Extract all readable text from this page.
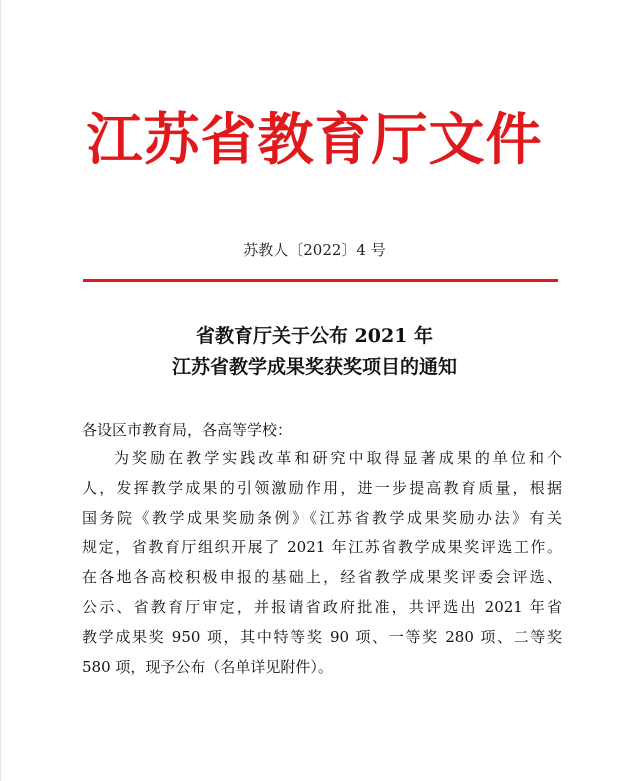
江苏省教育厅文件
苏教人〔2022〕4 号
省教育厅关于公布 2021 年
江苏省教学成果奖获奖项目的通知
各设区市教育局，各高等学校：
为奖励在教学实践改革和研究中取得显著成果的单位和个
人，发挥教学成果的引领激励作用，进一步提高教育质量，根据
国务院《教学成果奖励条例》《江苏省教学成果奖励办法》有关
规定，省教育厅组织开展了 2021 年江苏省教学成果奖评选工作。
在各地各高校积极申报的基础上，经省教学成果奖评委会评选、
公示、省教育厅审定，并报请省政府批准，共评选出 2021 年省
教学成果奖 950 项，其中特等奖 90 项、一等奖 280 项、二等奖
580 项，现予公布（名单详见附件）。
